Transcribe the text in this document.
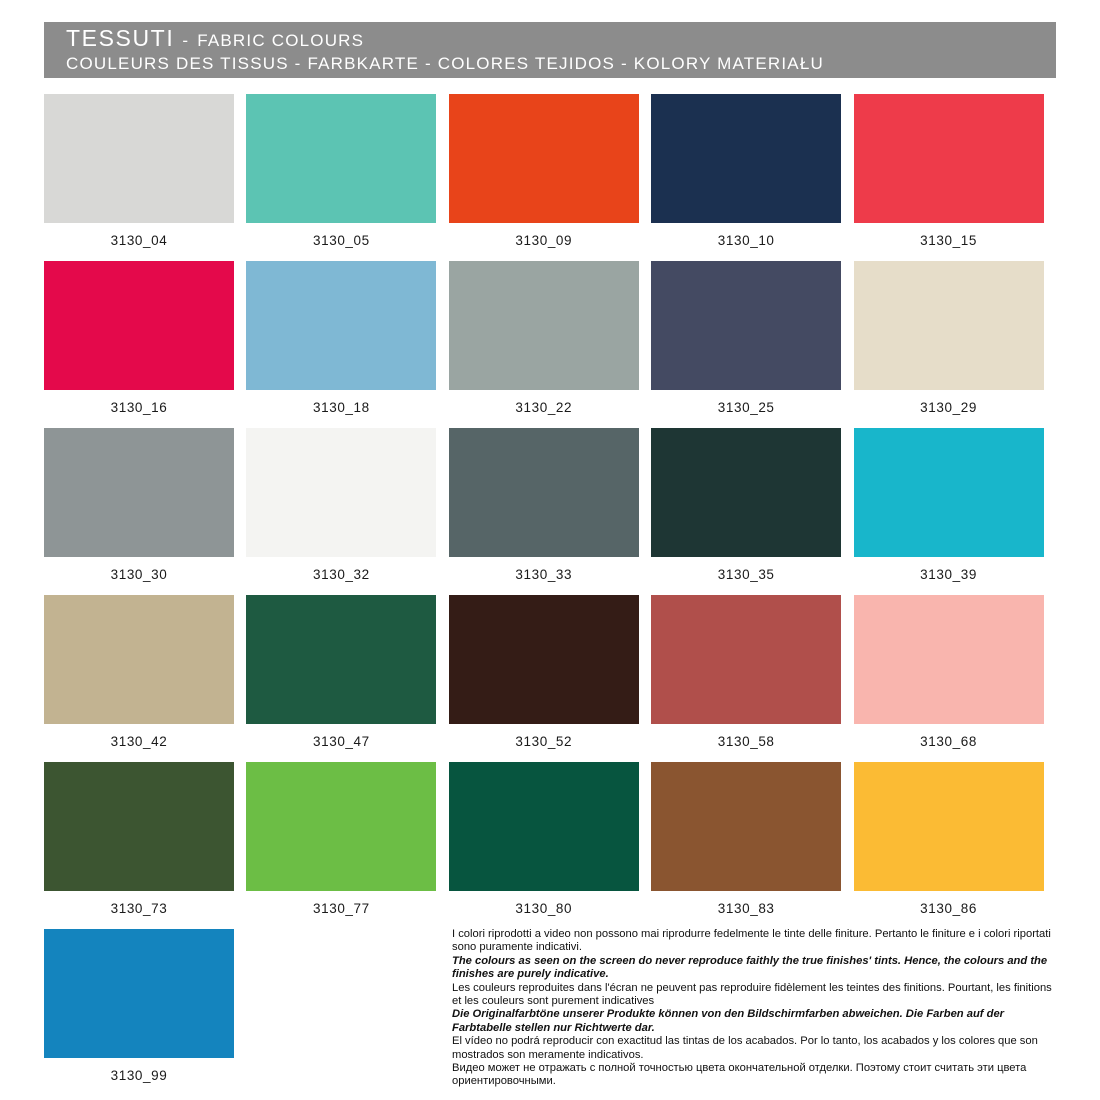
TESSUTI - FABRIC COLOURS
COULEURS DES TISSUS - FARBKARTE - COLORES TEJIDOS - KOLORY MATERIAŁU
3130_04	3130_05	3130_09	3130_10	3130_15
3130_16	3130_18	3130_22	3130_25	3130_29
3130_30	3130_32	3130_33	3130_35	3130_39
3130_42	3130_47	3130_52	3130_58	3130_68
3130_73	3130_77	3130_80	3130_83	3130_86
3130_99

I colori riprodotti a video non possono mai riprodurre fedelmente le tinte delle finiture. Pertanto le finiture e i colori riportati sono puramente indicativi.

The colours as seen on the screen do never reproduce faithly the true finishes' tints. Hence, the colours and the finishes are purely indicative.

Les couleurs reproduites dans l'écran ne peuvent pas reproduire fidèlement les teintes des finitions. Pourtant, les finitions et les couleurs sont purement indicatives

Die Originalfarbtöne unserer Produkte können von den Bildschirmfarben abweichen. Die Farben auf der Farbtabelle stellen nur Richtwerte dar.

El vídeo no podrá reproducir con exactitud las tintas de los acabados. Por lo tanto, los acabados y los colores que son mostrados son meramente indicativos.

Видео может не отражать с полной точностью цвета окончательной отделки. Поэтому стоит считать эти цвета ориентировочными.
